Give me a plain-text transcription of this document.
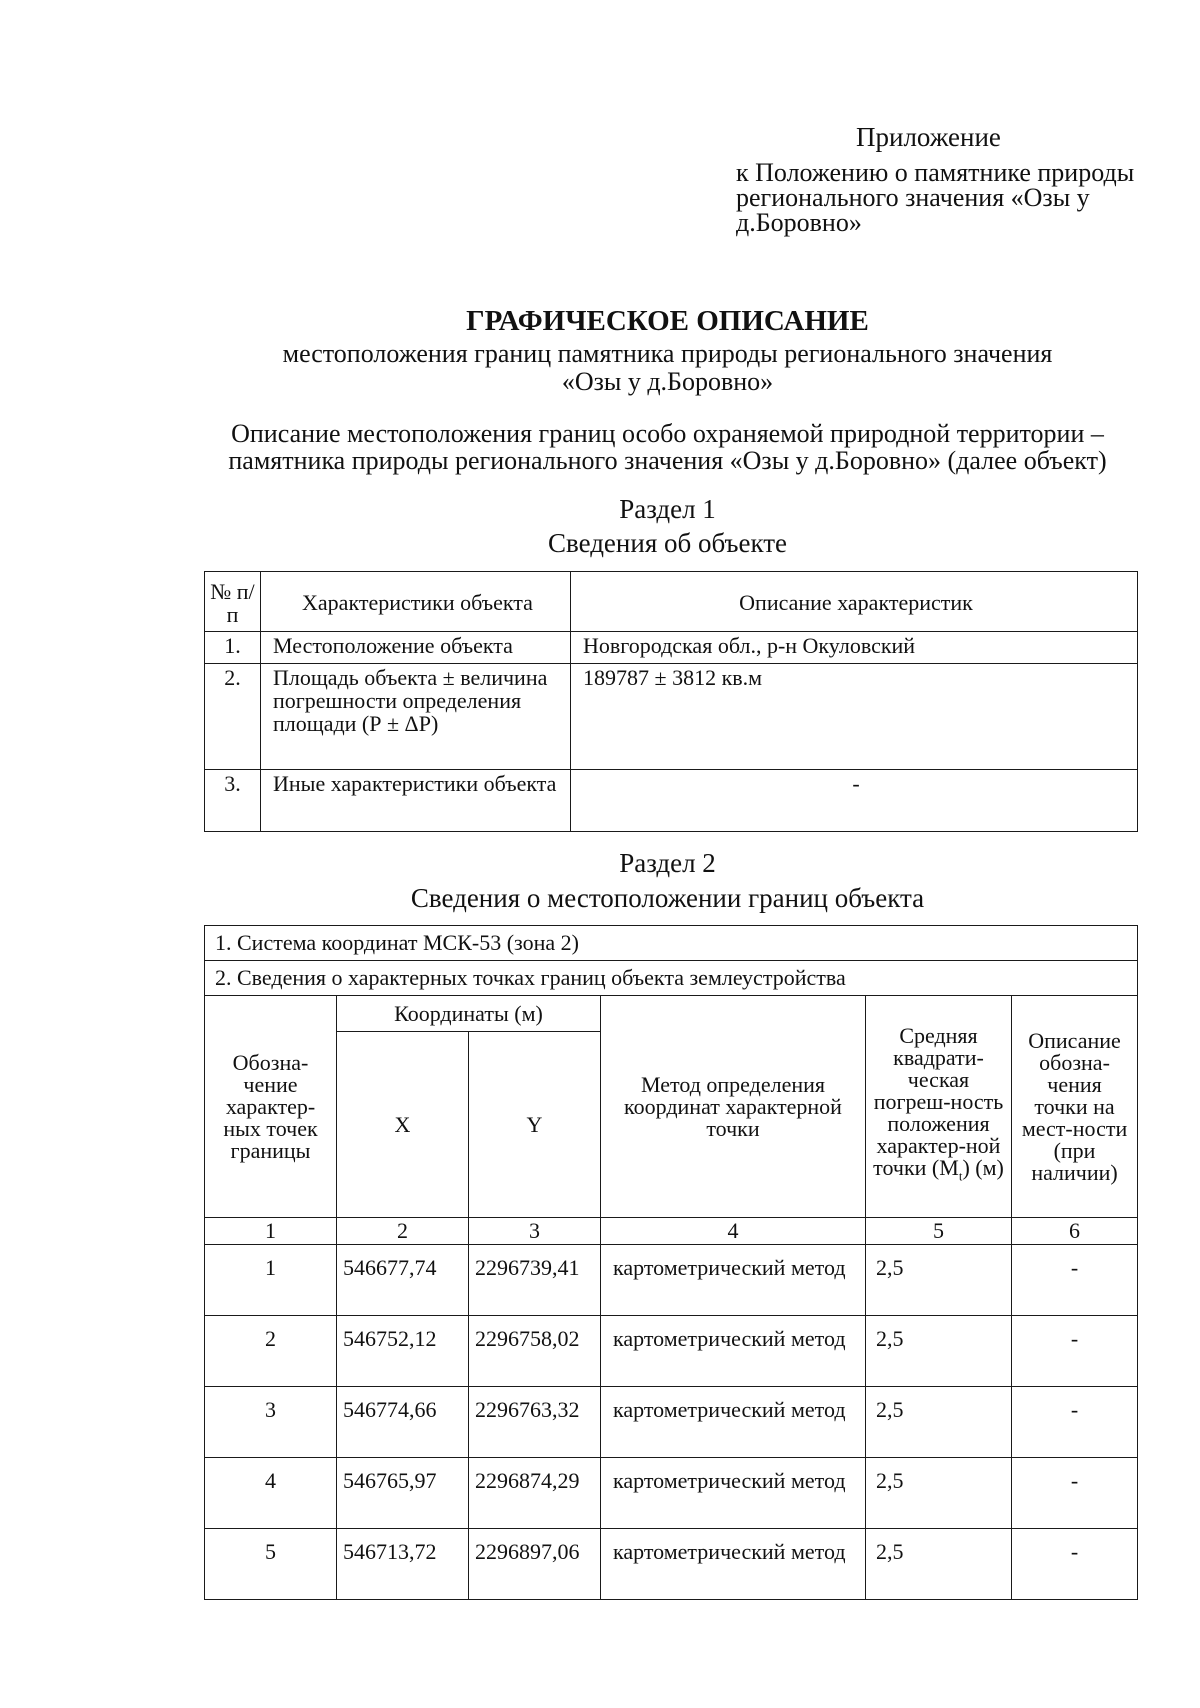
Приложение
к Положению о памятнике природы регионального значения «Озы у д.Боровно»
ГРАФИЧЕСКОЕ ОПИСАНИЕ
местоположения границ памятника природы регионального значения
«Озы у д.Боровно»
Описание местоположения границ особо охраняемой природной территории – памятника природы регионального значения «Озы у д.Боровно» (далее объект)
Раздел 1
Сведения об объекте
№ п/п	Характеристики объекта	Описание характеристик
1.	Местоположение объекта	Новгородская обл., р-н Окуловский
2.	Площадь объекта ± величина погрешности определения площади (Р ± ΔР)	189787 ± 3812 кв.м
3.	Иные характеристики объекта	-
Раздел 2
Сведения о местоположении границ объекта
1. Система координат МСК-53 (зона 2)					
2. Сведения о характерных точках границ объекта землеустройства					
Обозна-чение характер-ных точек границы	Координаты (м)		Метод определения координат характерной точки	Средняя квадрати-ческая погреш-ность положения характер-ной точки $(M_t)$ (м)	Описание обозна-чения точки на мест-ности (при наличии)
	X	Y			
1	2	3	4	5	6
1	546677,74	2296739,41	картометрический метод	2,5	-
2	546752,12	2296758,02	картометрический метод	2,5	-
3	546774,66	2296763,32	картометрический метод	2,5	-
4	546765,97	2296874,29	картометрический метод	2,5	-
5	546713,72	2296897,06	картометрический метод	2,5	-
